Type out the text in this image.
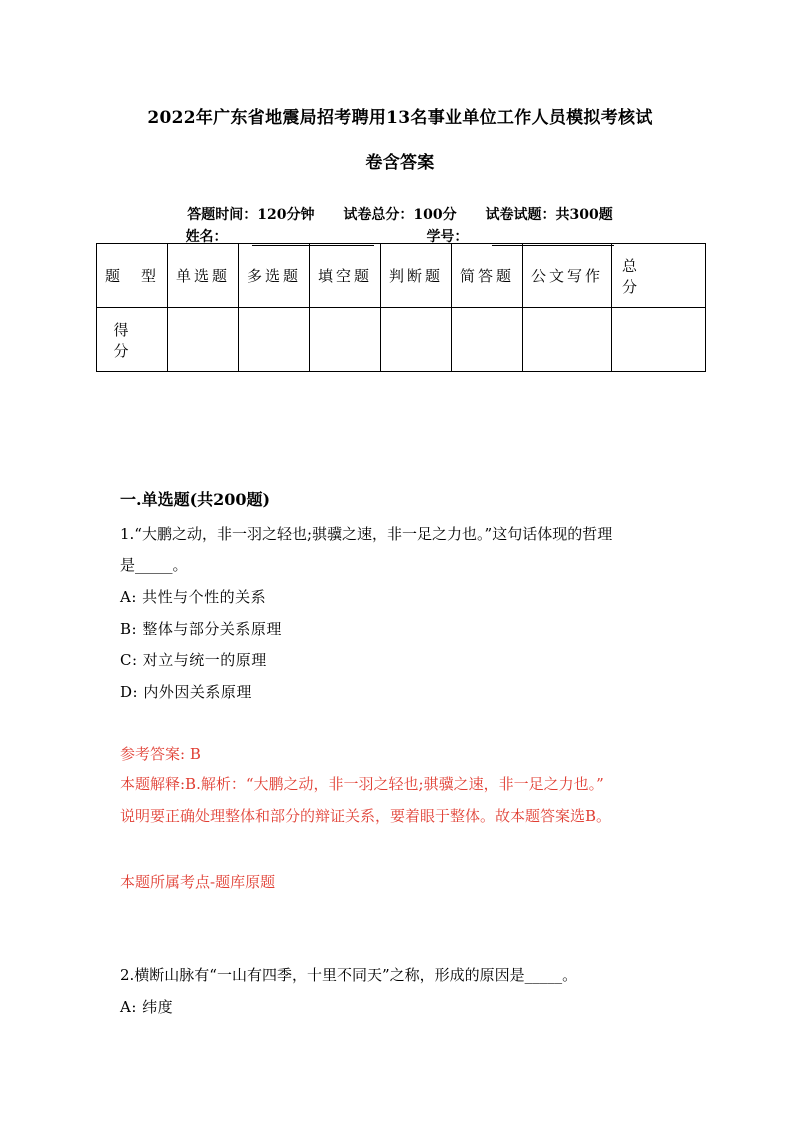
2022年广东省地震局招考聘用13名事业单位工作人员模拟考核试
卷含答案
答题时间：120分钟 试卷总分：100分 试卷试题：共300题
姓名：	学号：
题　型	单选题	多选题	填空题	判断题	简答题	公文写作	总分
得分							
一.单选题(共200题)
1.“大鹏之动，非一羽之轻也;骐骥之速，非一足之力也。”这句话体现的哲理
是_____。
A: 共性与个性的关系
B: 整体与部分关系原理
C: 对立与统一的原理
D: 内外因关系原理
参考答案: B
本题解释:B.解析：“大鹏之动，非一羽之轻也;骐骥之速，非一足之力也。”
说明要正确处理整体和部分的辩证关系，要着眼于整体。故本题答案选B。
本题所属考点-题库原题
2.横断山脉有“一山有四季，十里不同天”之称，形成的原因是_____。
A: 纬度
